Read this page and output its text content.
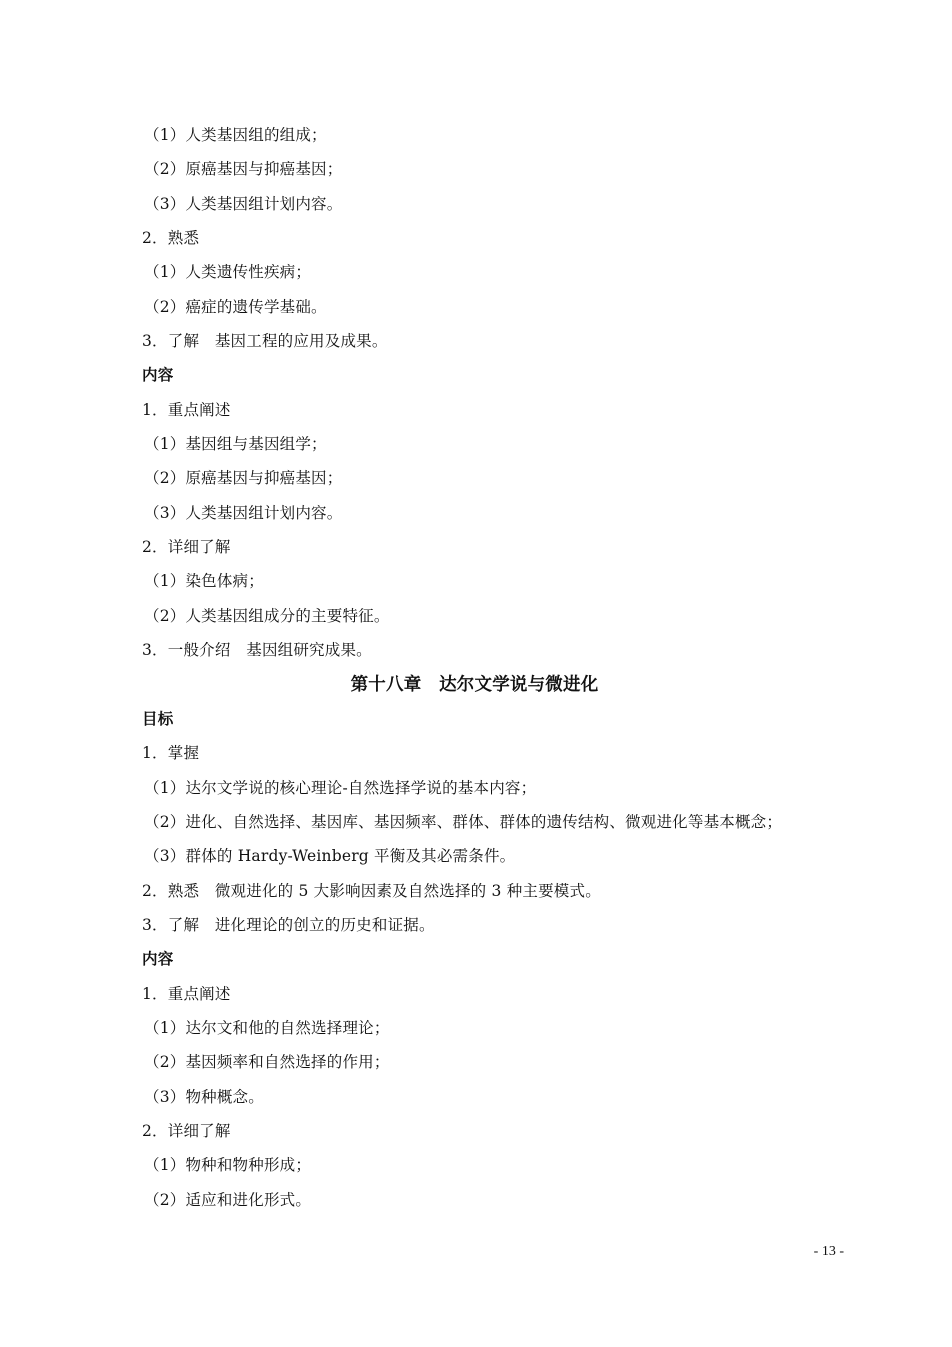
（1）人类基因组的组成；
（2）原癌基因与抑癌基因；
（3）人类基因组计划内容。
2．熟悉
（1）人类遗传性疾病；
（2）癌症的遗传学基础。
3．了解　基因工程的应用及成果。
内容
1．重点阐述
（1）基因组与基因组学；
（2）原癌基因与抑癌基因；
（3）人类基因组计划内容。
2．详细了解
（1）染色体病；
（2）人类基因组成分的主要特征。
3．一般介绍　基因组研究成果。
第十八章　达尔文学说与微进化
目标
1．掌握
（1）达尔文学说的核心理论-自然选择学说的基本内容；
（2）进化、自然选择、基因库、基因频率、群体、群体的遗传结构、微观进化等基本概念；
（3）群体的 Hardy-Weinberg 平衡及其必需条件。
2．熟悉　微观进化的 5 大影响因素及自然选择的 3 种主要模式。
3．了解　进化理论的创立的历史和证据。
内容
1．重点阐述
（1）达尔文和他的自然选择理论；
（2）基因频率和自然选择的作用；
（3）物种概念。
2．详细了解
（1）物种和物种形成；
（2）适应和进化形式。
- 13 -
